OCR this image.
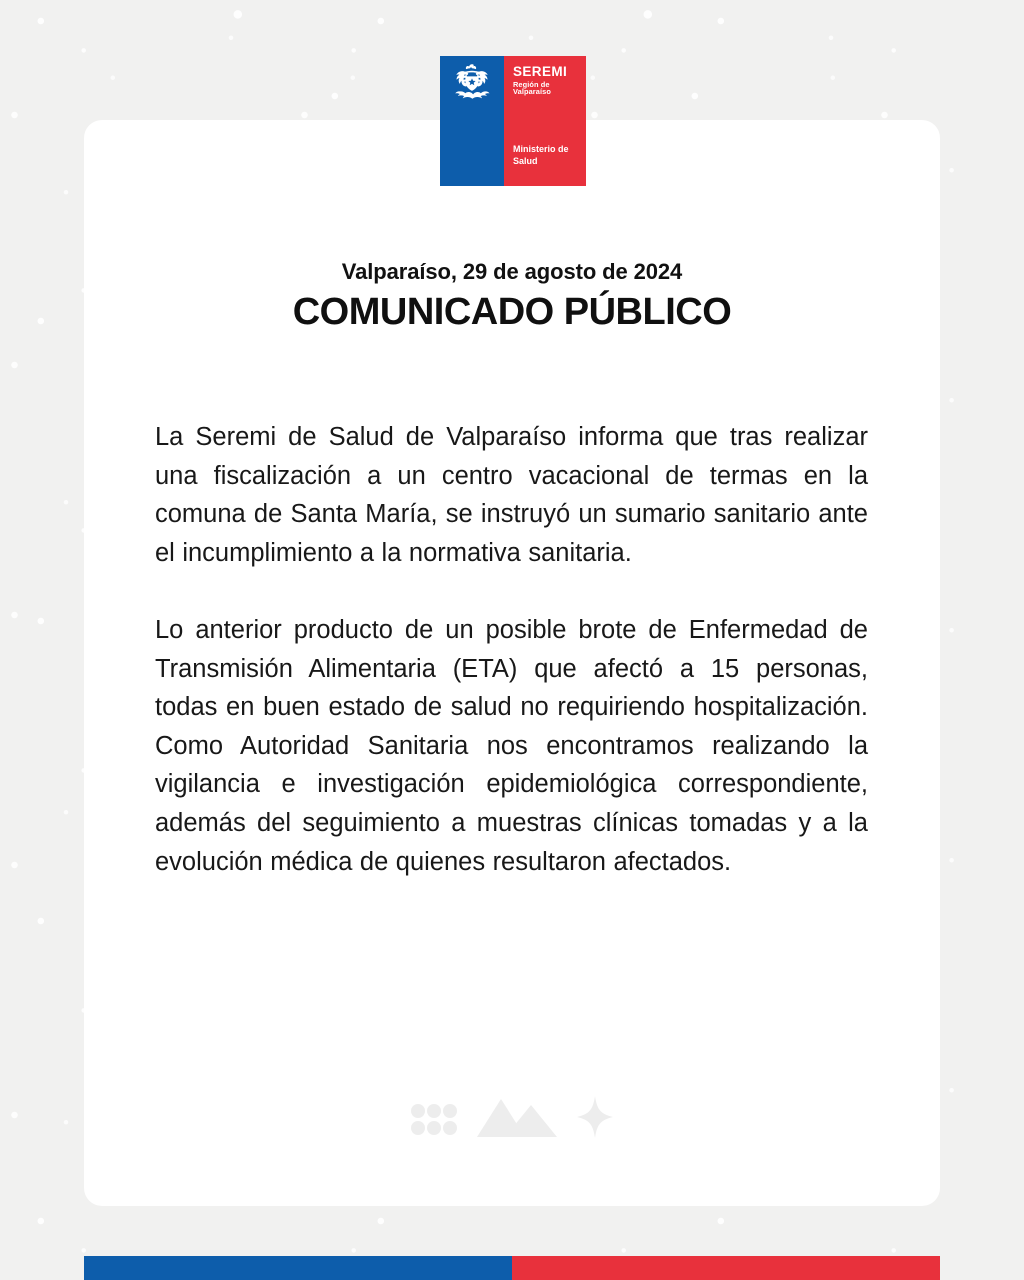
SEREMI
Región de Valparaíso
Ministerio de
Salud
Valparaíso, 29 de agosto de 2024
COMUNICADO PÚBLICO

La Seremi de Salud de Valparaíso informa que tras realizar una fiscalización a un centro vacacional de termas en la comuna de Santa María, se instruyó un sumario sanitario ante el incumplimiento a la normativa sanitaria.

Lo anterior producto de un posible brote de Enfermedad de Transmisión Alimentaria (ETA) que afectó a 15 personas, todas en buen estado de salud no requiriendo hospitalización. Como Autoridad Sanitaria nos encontramos realizando la vigilancia e investigación epidemiológica correspondiente, además del seguimiento a muestras clínicas tomadas y a la evolución médica de quienes resultaron afectados.
